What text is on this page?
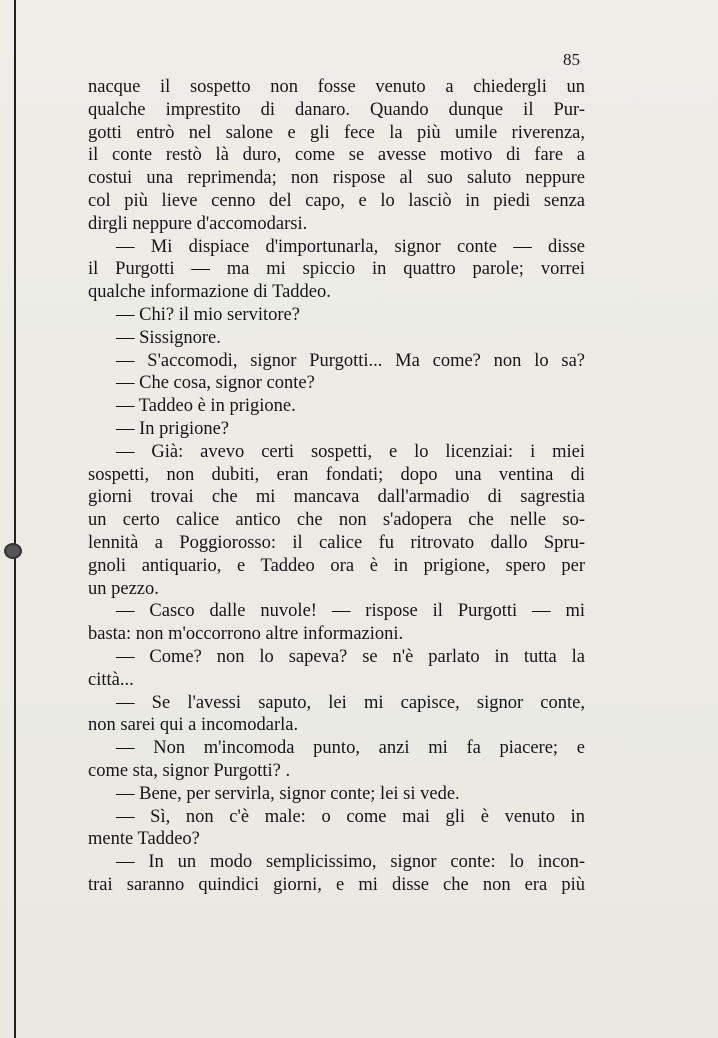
85
nacque il sospetto non fosse venuto a chiedergli un
qualche imprestito di danaro. Quando dunque il Pur-
gotti entrò nel salone e gli fece la più umile riverenza,
il conte restò là duro, come se avesse motivo di fare a
costui una reprimenda; non rispose al suo saluto neppure
col più lieve cenno del capo, e lo lasciò in piedi senza
dirgli neppure d'accomodarsi.
— Mi dispiace d'importunarla, signor conte — disse
il Purgotti — ma mi spiccio in quattro parole; vorrei
qualche informazione di Taddeo.
— Chi? il mio servitore?
— Sissignore.
— S'accomodi, signor Purgotti... Ma come? non lo sa?
— Che cosa, signor conte?
— Taddeo è in prigione.
— In prigione?
— Già: avevo certi sospetti, e lo licenziai: i miei
sospetti, non dubiti, eran fondati; dopo una ventina di
giorni trovai che mi mancava dall'armadio di sagrestia
un certo calice antico che non s'adopera che nelle so-
lennità a Poggiorosso: il calice fu ritrovato dallo Spru-
gnoli antiquario, e Taddeo ora è in prigione, spero per
un pezzo.
— Casco dalle nuvole! — rispose il Purgotti — mi
basta: non m'occorrono altre informazioni.
— Come? non lo sapeva? se n'è parlato in tutta la
città...
— Se l'avessi saputo, lei mi capisce, signor conte,
non sarei qui a incomodarla.
— Non m'incomoda punto, anzi mi fa piacere; e
come sta, signor Purgotti? .
— Bene, per servirla, signor conte; lei si vede.
— Sì, non c'è male: o come mai gli è venuto in
mente Taddeo?
— In un modo semplicissimo, signor conte: lo incon-
trai saranno quindici giorni, e mi disse che non era più
